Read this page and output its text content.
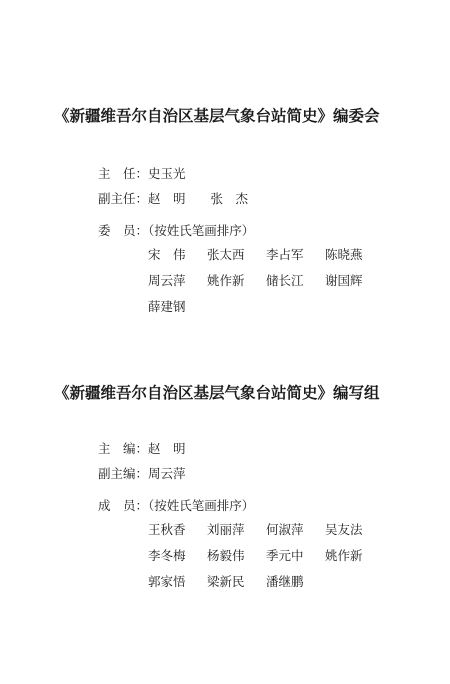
《新疆维吾尔自治区基层气象台站简史》编委会
主　任：史玉光
副主任：赵　明　　张　杰
委　员：（按姓氏笔画排序）
宋　伟	张太西	李占军	陈晓燕
周云萍	姚作新	储长江	谢国辉
薛建钢
《新疆维吾尔自治区基层气象台站简史》编写组
主　编：赵　明
副主编：周云萍
成　员：（按姓氏笔画排序）
王秋香	刘丽萍	何淑萍	吴友法
李冬梅	杨毅伟	季元中	姚作新
郭家悟	梁新民	潘继鹏
